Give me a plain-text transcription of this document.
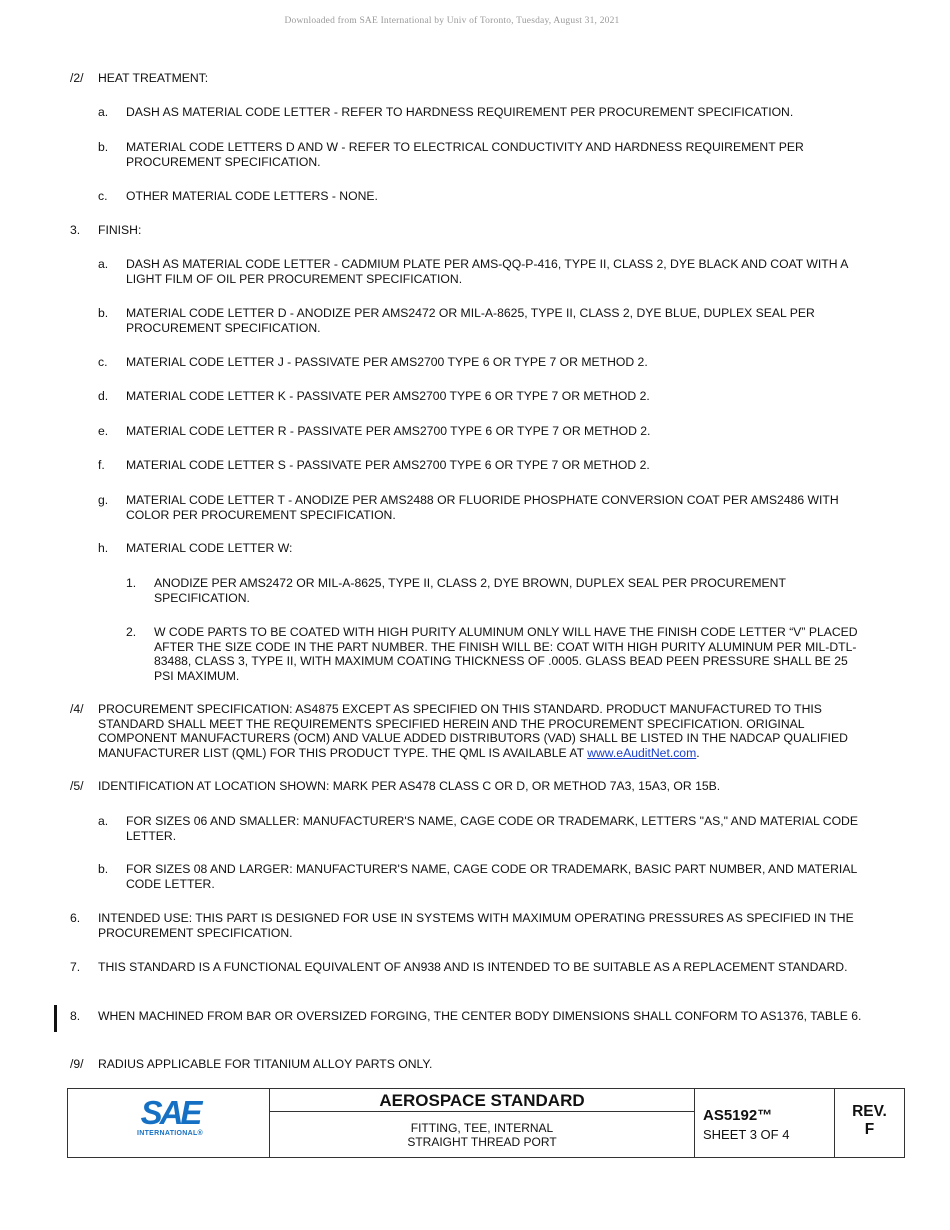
Downloaded from SAE International by Univ of Toronto, Tuesday, August 31, 2021
/2/ HEAT TREATMENT:
a. DASH AS MATERIAL CODE LETTER - REFER TO HARDNESS REQUIREMENT PER PROCUREMENT SPECIFICATION.
b. MATERIAL CODE LETTERS D AND W - REFER TO ELECTRICAL CONDUCTIVITY AND HARDNESS REQUIREMENT PER PROCUREMENT SPECIFICATION.
c. OTHER MATERIAL CODE LETTERS - NONE.
3. FINISH:
a. DASH AS MATERIAL CODE LETTER - CADMIUM PLATE PER AMS-QQ-P-416, TYPE II, CLASS 2, DYE BLACK AND COAT WITH A LIGHT FILM OF OIL PER PROCUREMENT SPECIFICATION.
b. MATERIAL CODE LETTER D - ANODIZE PER AMS2472 OR MIL-A-8625, TYPE II, CLASS 2, DYE BLUE, DUPLEX SEAL PER PROCUREMENT SPECIFICATION.
c. MATERIAL CODE LETTER J - PASSIVATE PER AMS2700 TYPE 6 OR TYPE 7 OR METHOD 2.
d. MATERIAL CODE LETTER K - PASSIVATE PER AMS2700 TYPE 6 OR TYPE 7 OR METHOD 2.
e. MATERIAL CODE LETTER R - PASSIVATE PER AMS2700 TYPE 6 OR TYPE 7 OR METHOD 2.
f. MATERIAL CODE LETTER S - PASSIVATE PER AMS2700 TYPE 6 OR TYPE 7 OR METHOD 2.
g. MATERIAL CODE LETTER T - ANODIZE PER AMS2488 OR FLUORIDE PHOSPHATE CONVERSION COAT PER AMS2486 WITH COLOR PER PROCUREMENT SPECIFICATION.
h. MATERIAL CODE LETTER W:
1. ANODIZE PER AMS2472 OR MIL-A-8625, TYPE II, CLASS 2, DYE BROWN, DUPLEX SEAL PER PROCUREMENT SPECIFICATION.
2. W CODE PARTS TO BE COATED WITH HIGH PURITY ALUMINUM ONLY WILL HAVE THE FINISH CODE LETTER “V” PLACED AFTER THE SIZE CODE IN THE PART NUMBER. THE FINISH WILL BE: COAT WITH HIGH PURITY ALUMINUM PER MIL-DTL-83488, CLASS 3, TYPE II, WITH MAXIMUM COATING THICKNESS OF .0005. GLASS BEAD PEEN PRESSURE SHALL BE 25 PSI MAXIMUM.
/4/ PROCUREMENT SPECIFICATION: AS4875 EXCEPT AS SPECIFIED ON THIS STANDARD. PRODUCT MANUFACTURED TO THIS STANDARD SHALL MEET THE REQUIREMENTS SPECIFIED HEREIN AND THE PROCUREMENT SPECIFICATION. ORIGINAL COMPONENT MANUFACTURERS (OCM) AND VALUE ADDED DISTRIBUTORS (VAD) SHALL BE LISTED IN THE NADCAP QUALIFIED MANUFACTURER LIST (QML) FOR THIS PRODUCT TYPE. THE QML IS AVAILABLE AT www.eAuditNet.com.
/5/ IDENTIFICATION AT LOCATION SHOWN: MARK PER AS478 CLASS C OR D, OR METHOD 7A3, 15A3, OR 15B.
a. FOR SIZES 06 AND SMALLER: MANUFACTURER'S NAME, CAGE CODE OR TRADEMARK, LETTERS "AS," AND MATERIAL CODE LETTER.
b. FOR SIZES 08 AND LARGER: MANUFACTURER'S NAME, CAGE CODE OR TRADEMARK, BASIC PART NUMBER, AND MATERIAL CODE LETTER.
6. INTENDED USE: THIS PART IS DESIGNED FOR USE IN SYSTEMS WITH MAXIMUM OPERATING PRESSURES AS SPECIFIED IN THE PROCUREMENT SPECIFICATION.
7. THIS STANDARD IS A FUNCTIONAL EQUIVALENT OF AN938 AND IS INTENDED TO BE SUITABLE AS A REPLACEMENT STANDARD.
8. WHEN MACHINED FROM BAR OR OVERSIZED FORGING, THE CENTER BODY DIMENSIONS SHALL CONFORM TO AS1376, TABLE 6.
/9/ RADIUS APPLICABLE FOR TITANIUM ALLOY PARTS ONLY.
SAE
INTERNATIONAL®
AEROSPACE STANDARD
FITTING, TEE, INTERNAL
STRAIGHT THREAD PORT
AS5192™
SHEET 3 OF 4
REV.
F
